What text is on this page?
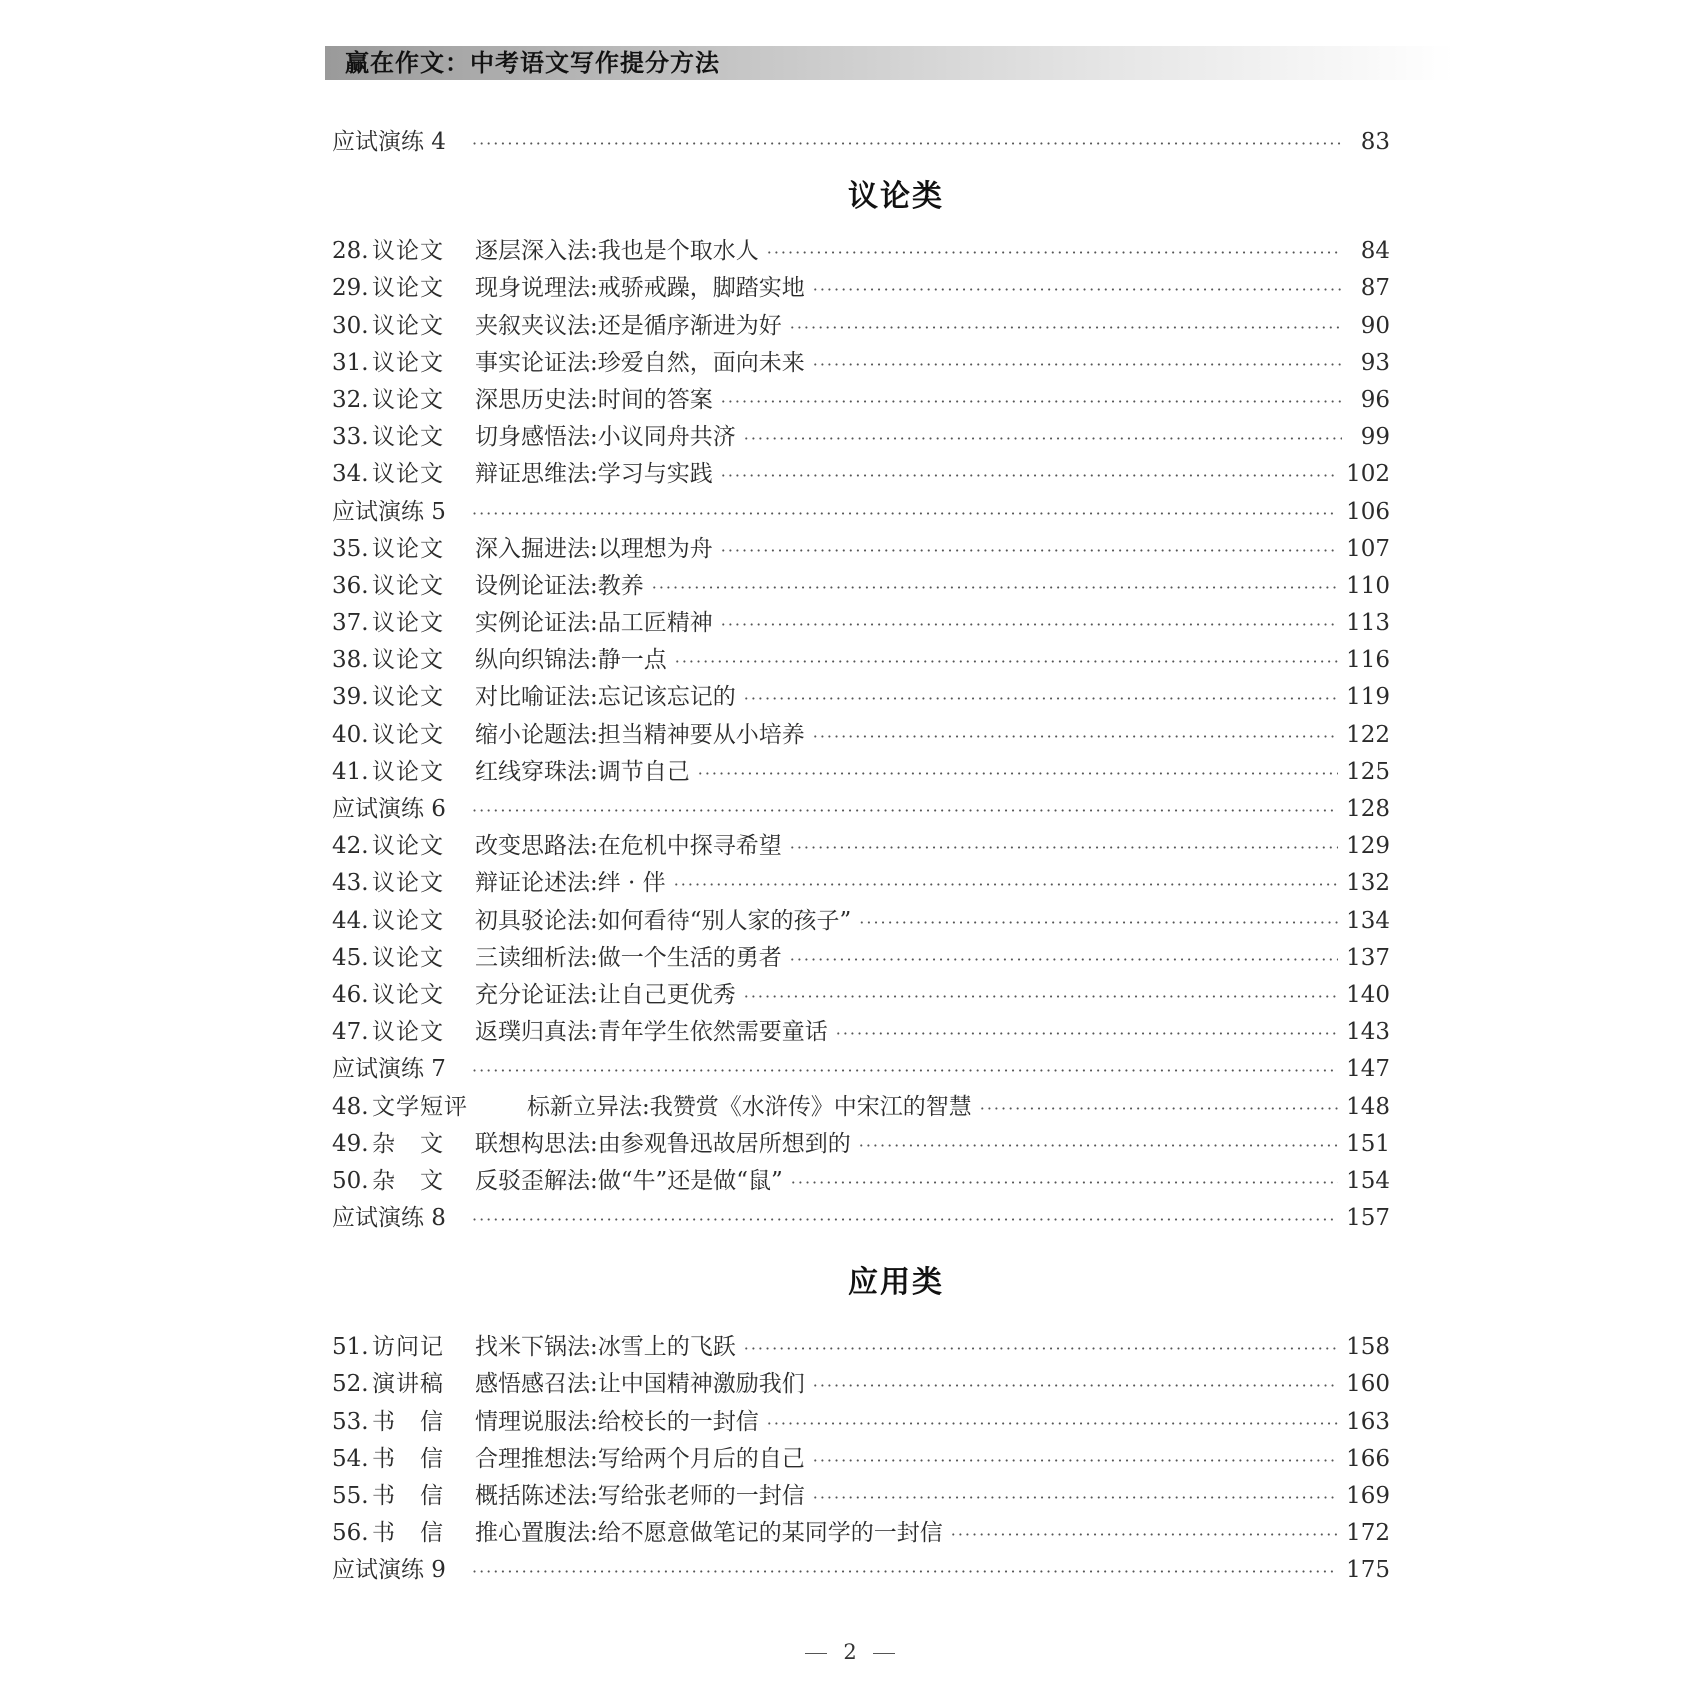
赢在作文：中考语文写作提分方法
应试演练 4 ·····	83
议论类
28. 议论文	逐层深入法 : 我也是个取水人 ·····	84
29. 议论文	现身说理法 : 戒骄戒躁，脚踏实地 ·····	87
30. 议论文	夹叙夹议法 : 还是循序渐进为好 ·····	90
31. 议论文	事实论证法 : 珍爱自然，面向未来 ·····	93
32. 议论文	深思历史法 : 时间的答案 ·····	96
33. 议论文	切身感悟法 : 小议同舟共济 ·····	99
34. 议论文	辩证思维法 : 学习与实践 ·····	102
应试演练 5 ·····	106
35. 议论文	深入掘进法 : 以理想为舟 ·····	107
36. 议论文	设例论证法 : 教养 ·····	110
37. 议论文	实例论证法 : 品工匠精神 ·····	113
38. 议论文	纵向织锦法 : 静一点 ·····	116
39. 议论文	对比喻证法 : 忘记该忘记的 ·····	119
40. 议论文	缩小论题法 : 担当精神要从小培养 ·····	122
41. 议论文	红线穿珠法 : 调节自己 ·····	125
应试演练 6 ·····	128
42. 议论文	改变思路法 : 在危机中探寻希望 ·····	129
43. 议论文	辩证论述法 : 绊 · 伴 ·····	132
44. 议论文	初具驳论法 : 如何看待“别人家的孩子” ·····	134
45. 议论文	三读细析法 : 做一个生活的勇者 ·····	137
46. 议论文	充分论证法 : 让自己更优秀 ·····	140
47. 议论文	返璞归真法 : 青年学生依然需要童话 ·····	143
应试演练 7 ·····	147
48. 文学短评	标新立异法 : 我赞赏《水浒传》中宋江的智慧 ·····	148
49. 杂　文	联想构思法 : 由参观鲁迅故居所想到的 ·····	151
50. 杂　文	反驳歪解法 : 做“牛”还是做“鼠” ·····	154
应试演练 8 ·····	157
应用类
51. 访问记	找米下锅法 : 冰雪上的飞跃 ·····	158
52. 演讲稿	感悟感召法 : 让中国精神激励我们 ·····	160
53. 书　信	情理说服法 : 给校长的一封信 ·····	163
54. 书　信	合理推想法 : 写给两个月后的自己 ·····	166
55. 书　信	概括陈述法 : 写给张老师的一封信 ·····	169
56. 书　信	推心置腹法 : 给不愿意做笔记的某同学的一封信 ·····	172
应试演练 9 ·····	175
2
